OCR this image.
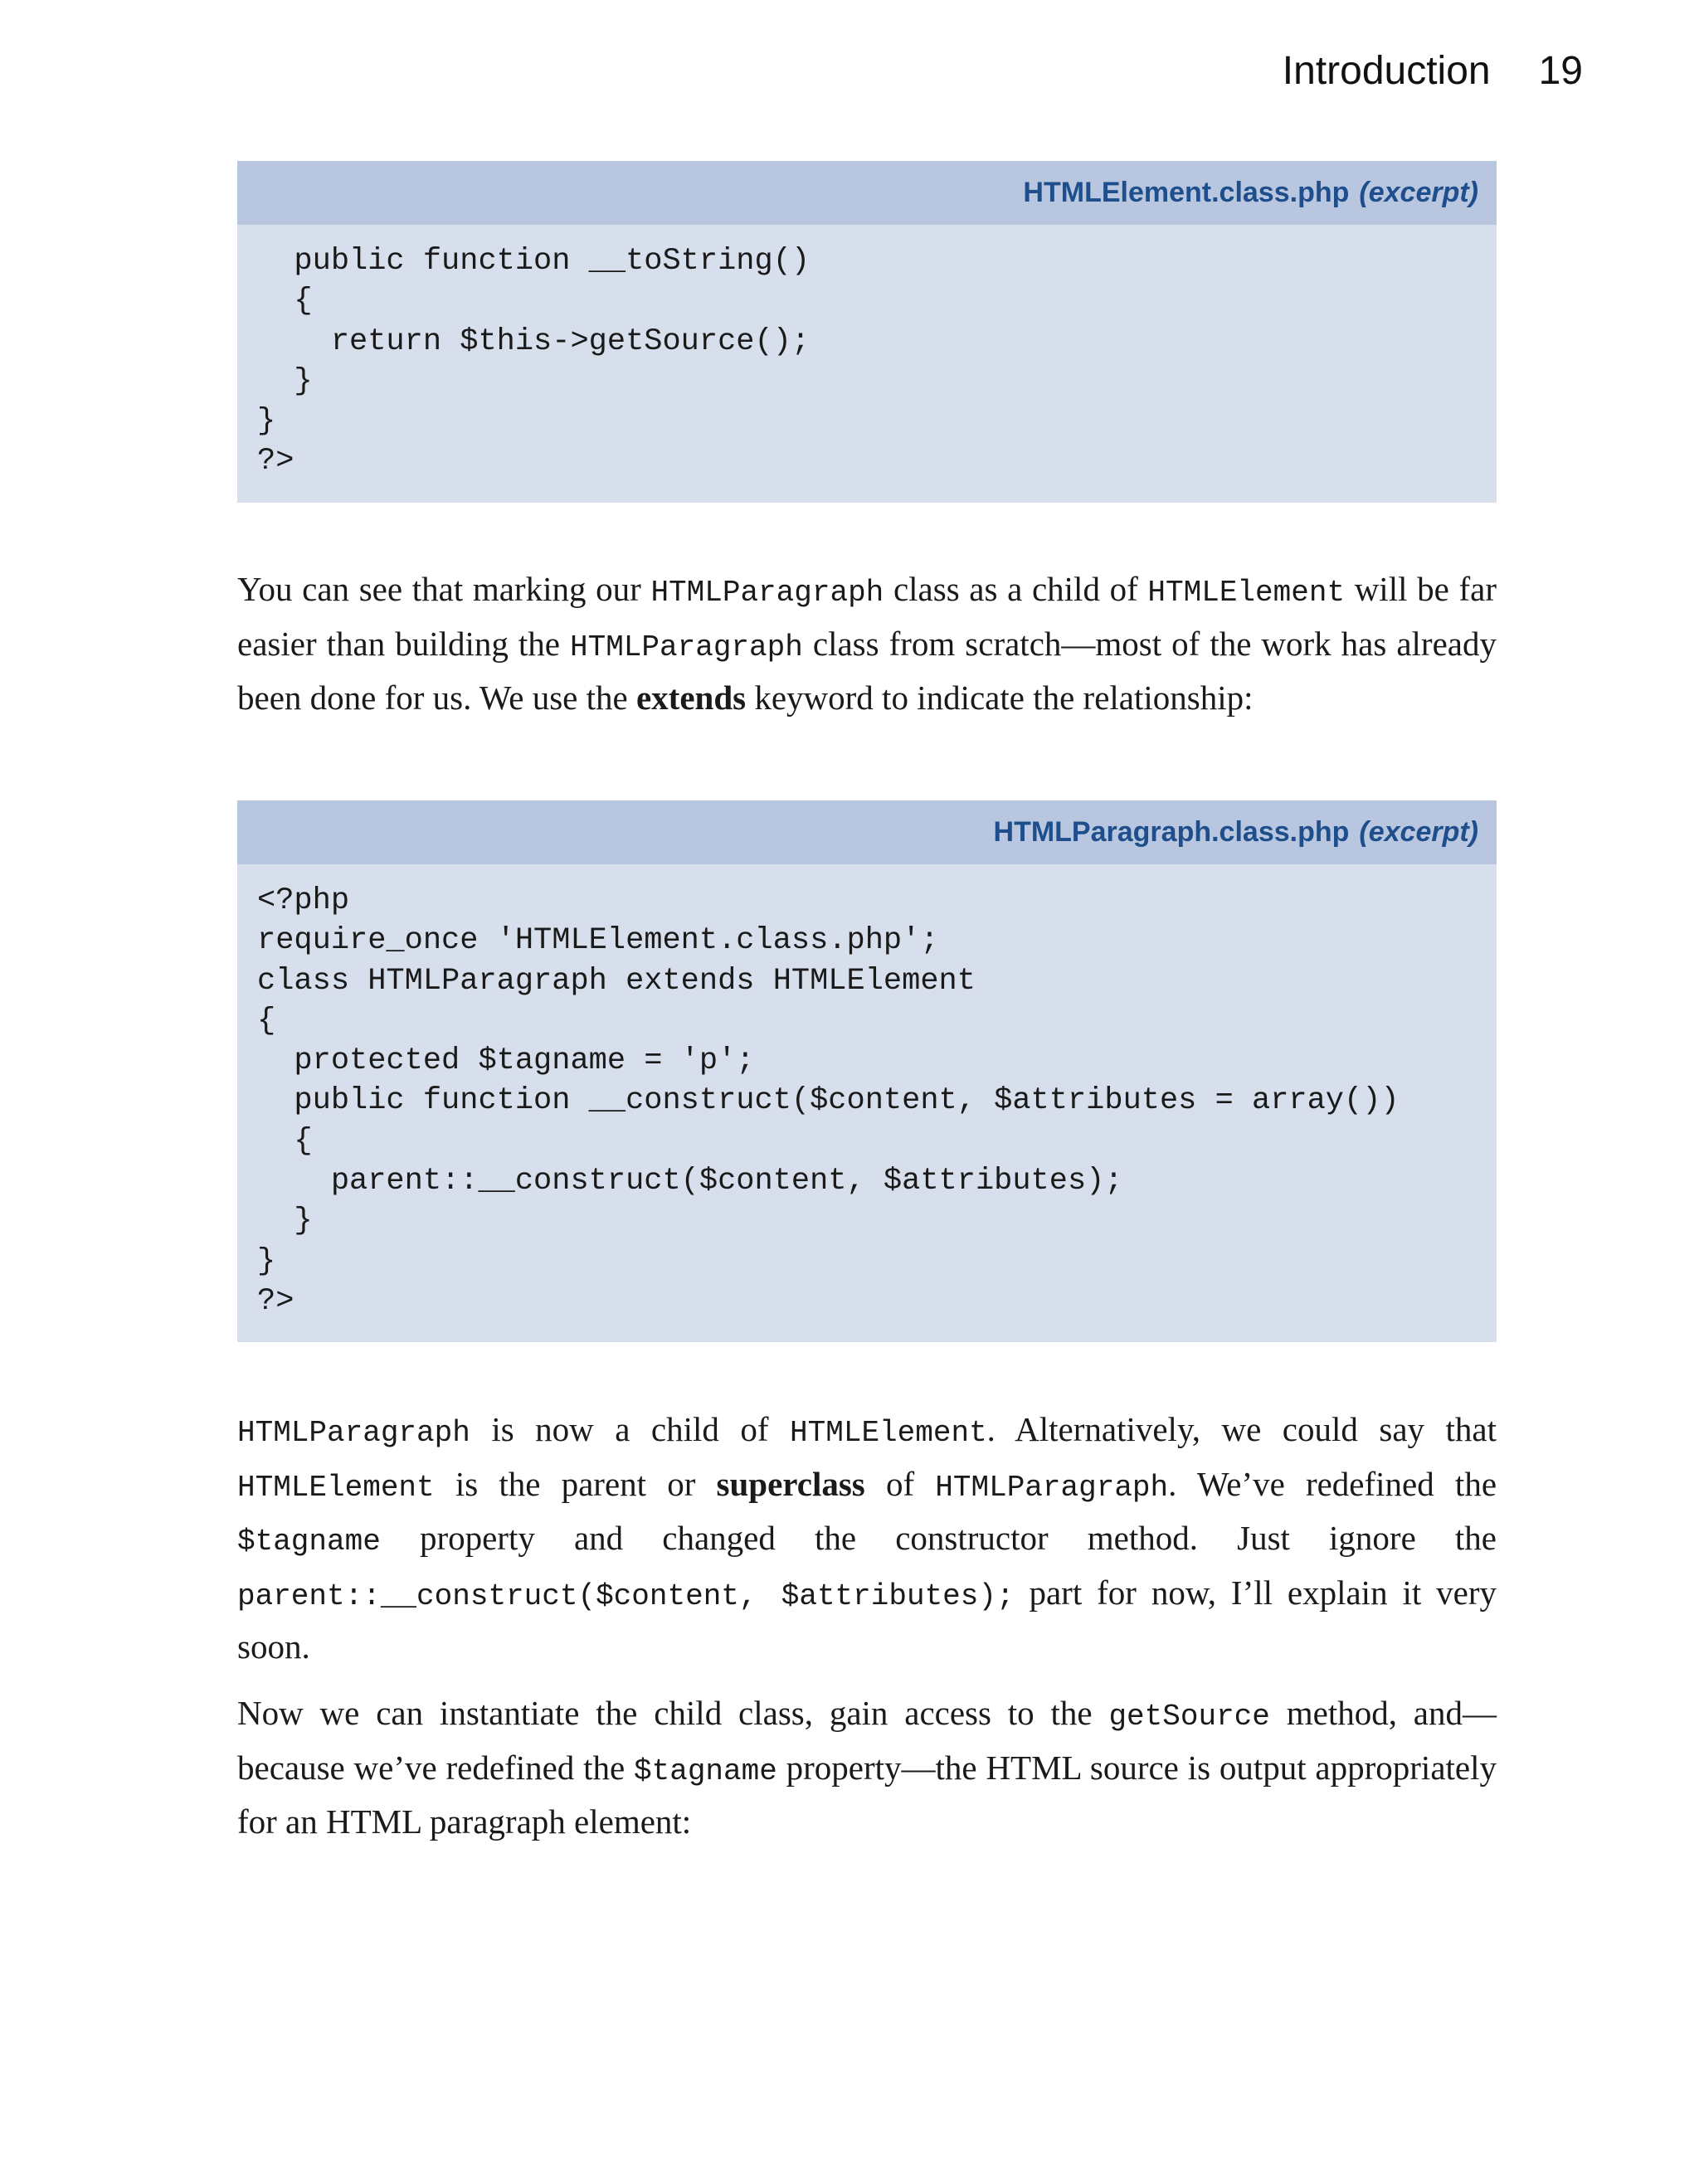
Introduction 19
HTMLElement.class.php (excerpt)
public function __toString()
{
return $this->getSource();
}
}
?>

You can see that marking our HTMLParagraph class as a child of HTMLElement will be far easier than building the HTMLParagraph class from scratch—most of the work has already been done for us. We use the extends keyword to indicate the relationship:

HTMLParagraph.class.php (excerpt)
<?php
require_once 'HTMLElement.class.php';
class HTMLParagraph extends HTMLElement
{
protected $tagname = 'p';
public function __construct($content, $attributes = array())
{
parent::__construct($content, $attributes);
}
}
?>

HTMLParagraph is now a child of HTMLElement. Alternatively, we could say that HTMLElement is the parent or superclass of HTMLParagraph. We’ve redefined the $tagname property and changed the constructor method. Just ignore the parent::__construct($content, $attributes); part for now, I’ll explain it very soon.

Now we can instantiate the child class, gain access to the getSource method, and—because we’ve redefined the $tagname property—the HTML source is output appropriately for an HTML paragraph element:
